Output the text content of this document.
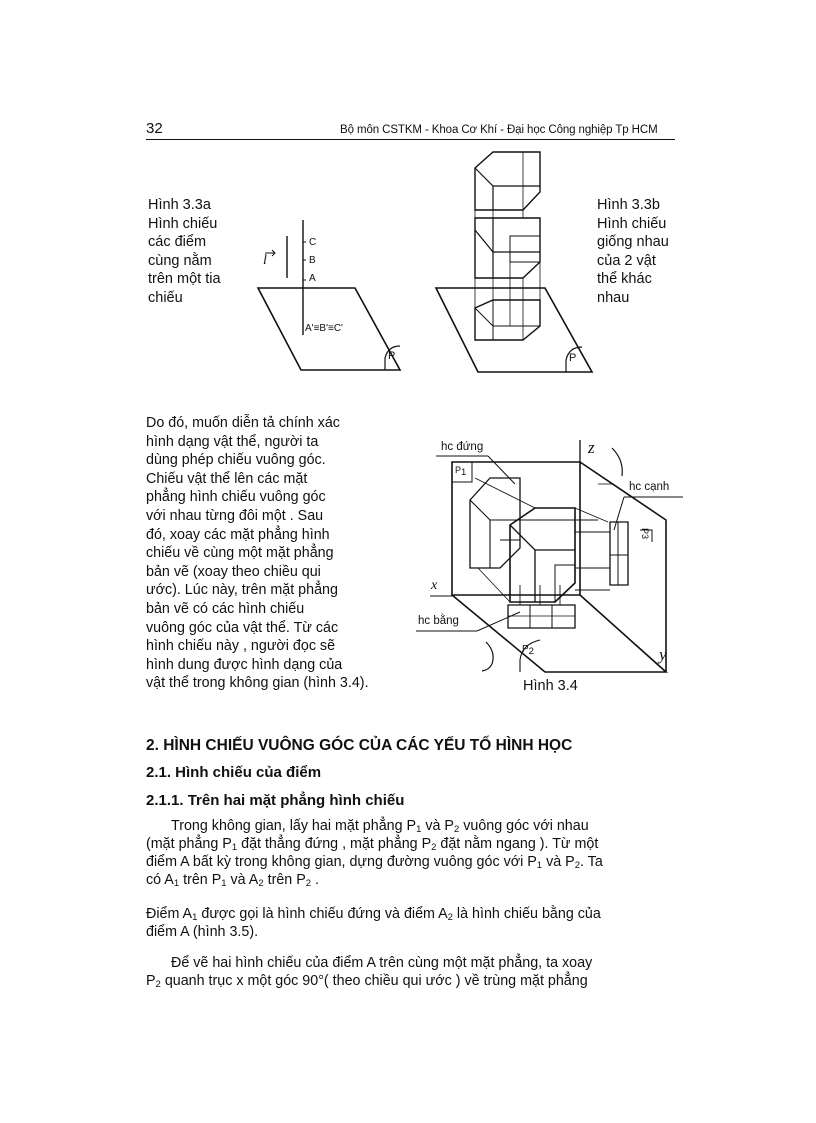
32	Bộ môn CSTKM - Khoa Cơ Khí - Đại học Công nghiệp Tp HCM
Hình 3.3a
Hình chiếu
các điểm
cùng nằm
trên một tia
chiếu
C
B
A
A'≡B'≡C'
l
P	P
Hình 3.3b
Hình chiếu
giống nhau
của 2 vật
thể khác
nhau
Do đó, muốn diễn tả chính xác
hình dạng vật thể, người ta
dùng phép chiếu vuông góc.
Chiếu vật thể lên các mặt
phẳng hình chiếu vuông góc
với nhau từng đôi một . Sau
đó, xoay các mặt phẳng hình
chiếu về cùng một mặt phẳng
bản vẽ (xoay theo chiều qui
ước). Lúc này, trên mặt phẳng
bản vẽ có các hình chiếu
vuông góc của vật thể. Từ các
hình chiếu này , người đọc sẽ
hình dung được hình dạng của
vật thể trong không gian (hình 3.4).
hc đứng
hc cạnh
hc bằng
x
y
z
$P_1$
$P_2$
P3
Hình 3.4
2. HÌNH CHIẾU VUÔNG GÓC CỦA CÁC YẾU TỐ HÌNH HỌC
2.1. Hình chiếu của điểm
2.1.1. Trên hai mặt phẳng hình chiếu
Trong không gian, lấy hai mặt phẳng $P_1$ và $P_2$ vuông góc với nhau
(mặt phẳng $P_1$ đặt thẳng đứng , mặt phẳng $P_2$ đặt nằm ngang ). Từ một
điểm A bất kỳ trong không gian, dựng đường vuông góc với $P_1$ và $P_2$. Ta
có $A_1$ trên $P_1$ và $A_2$ trên $P_2$ .
Điểm $A_1$ được gọi là hình chiếu đứng và điểm $A_2$ là hình chiếu bằng của
điểm A (hình 3.5).
Để vẽ hai hình chiếu của điểm A trên cùng một mặt phẳng, ta xoay
$P_2$ quanh trục x một góc 90°( theo chiều qui ước ) về trùng mặt phẳng
